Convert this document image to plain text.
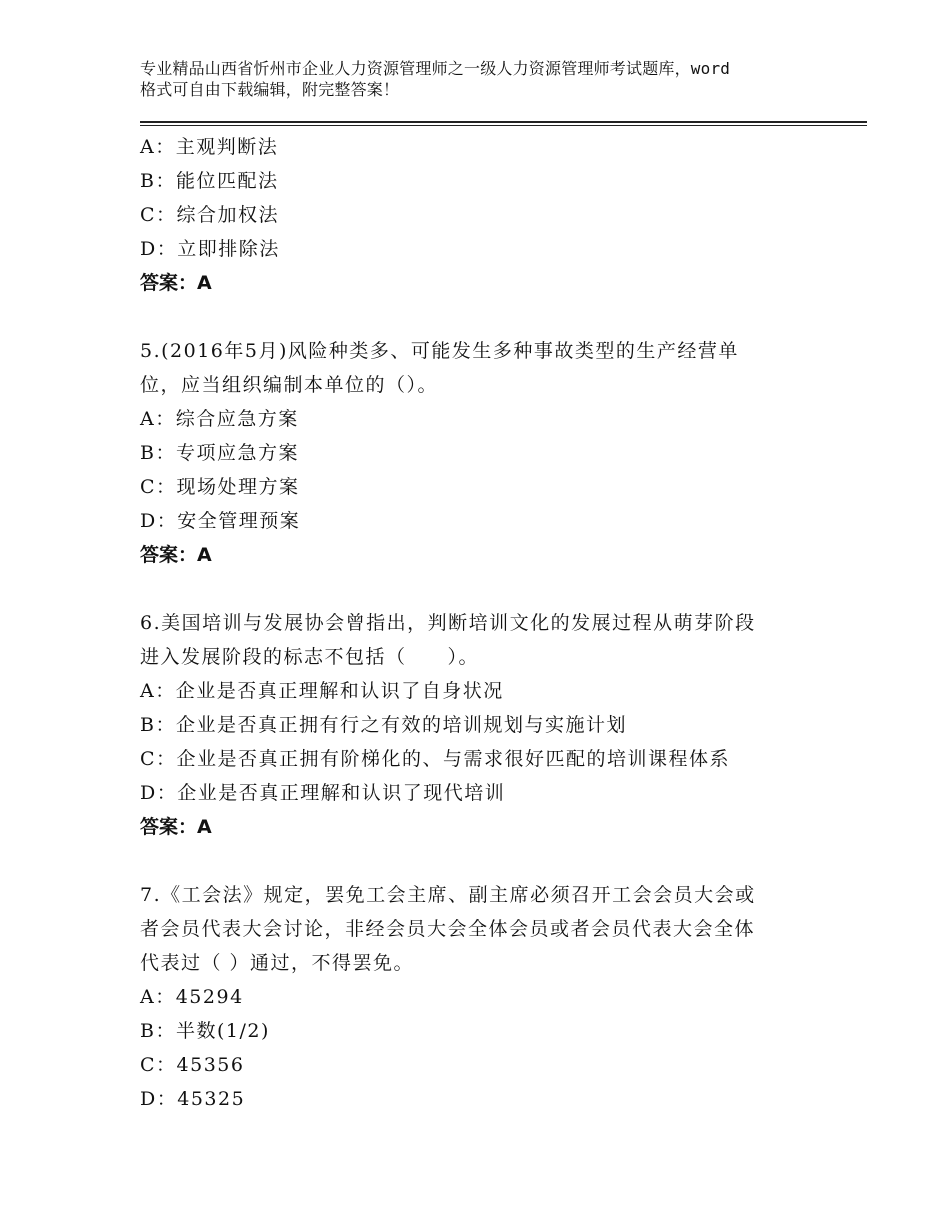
专业精品山西省忻州市企业人力资源管理师之一级人力资源管理师考试题库，word
格式可自由下载编辑，附完整答案！
A：主观判断法
B：能位匹配法
C：综合加权法
D：立即排除法
答案：A
5.(2016年5月)风险种类多、可能发生多种事故类型的生产经营单
位，应当组织编制本单位的（）。
A：综合应急方案
B：专项应急方案
C：现场处理方案
D：安全管理预案
答案：A
6.美国培训与发展协会曾指出，判断培训文化的发展过程从萌芽阶段
进入发展阶段的标志不包括（　　）。
A：企业是否真正理解和认识了自身状况
B：企业是否真正拥有行之有效的培训规划与实施计划
C：企业是否真正拥有阶梯化的、与需求很好匹配的培训课程体系
D：企业是否真正理解和认识了现代培训
答案：A
7.《工会法》规定，罢免工会主席、副主席必须召开工会会员大会或
者会员代表大会讨论，非经会员大会全体会员或者会员代表大会全体
代表过（ ）通过，不得罢免。
A：45294
B：半数(1/2)
C：45356
D：45325
